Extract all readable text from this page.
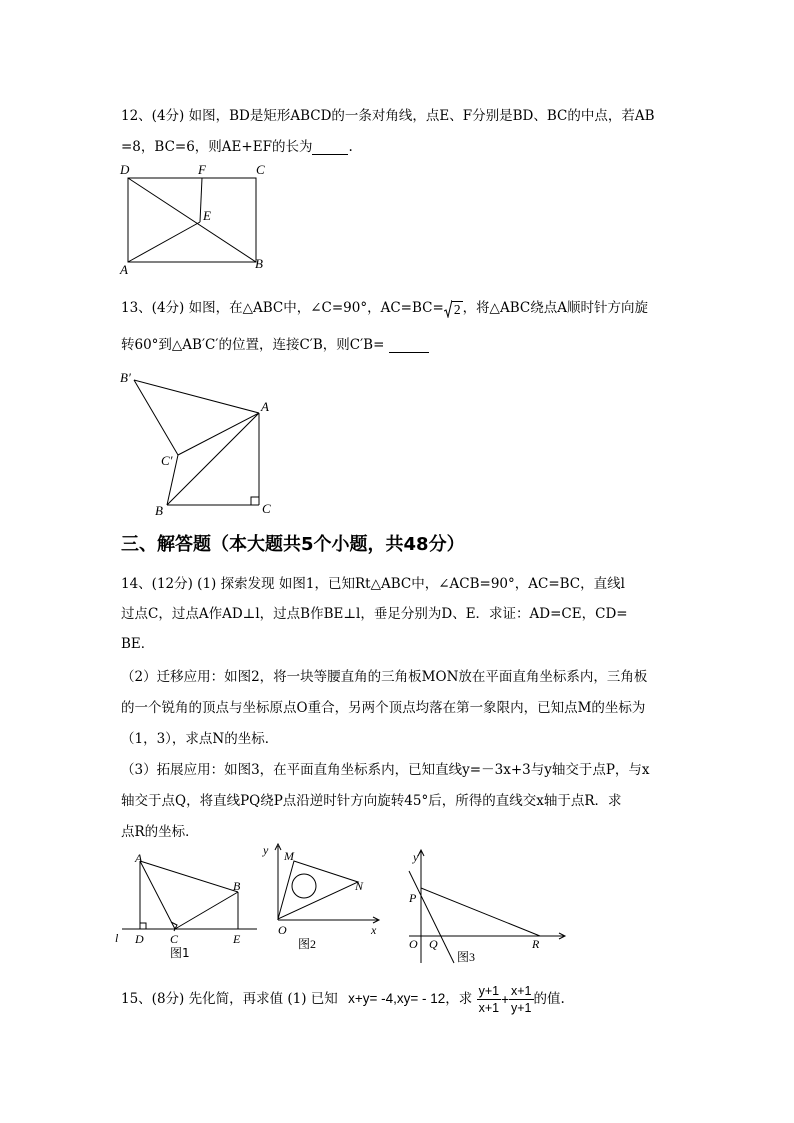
12、(4分) 如图，BD是矩形ABCD的一条对角线，点E、F分别是BD、BC的中点，若AB
=8，BC=6，则AE+EF的长为	.
D	F	C
E
A	B
13、(4分) 如图，在△ABC中，∠C=90°，AC=BC= 2 ，将△ABC绕点A顺时针方向旋
转60°到△AB′C′的位置，连接C′B，则C′B=
B′
A
C′
B	C
三、解答题（本大题共5个小题，共48分）
14、(12分) (1) 探索发现 如图1，已知Rt△ABC中，∠ACB=90°，AC=BC，直线l
过点C，过点A作AD⊥l，过点B作BE⊥l，垂足分别为D、E．求证：AD=CE，CD=
BE．
（2）迁移应用：如图2，将一块等腰直角的三角板MON放在平面直角坐标系内，三角板
的一个锐角的顶点与坐标原点O重合，另两个顶点均落在第一象限内，已知点M的坐标为
（1，3），求点N的坐标．
（3）拓展应用：如图3，在平面直角坐标系内，已知直线y=－3x+3与y轴交于点P，与x
轴交于点Q，将直线PQ绕P点沿逆时针方向旋转45°后，所得的直线交x轴于点R．求
点R的坐标．
A
B
l D C	E
图1
y M
N
O	x
图2
y
P
O Q	R
图3
15、(8分) 先化简，再求值 (1) 已知 x+y= -4,xy= - 12，求 $\frac{y+1}{x+1} + \frac{x+1}{y+1}$ 的值.
